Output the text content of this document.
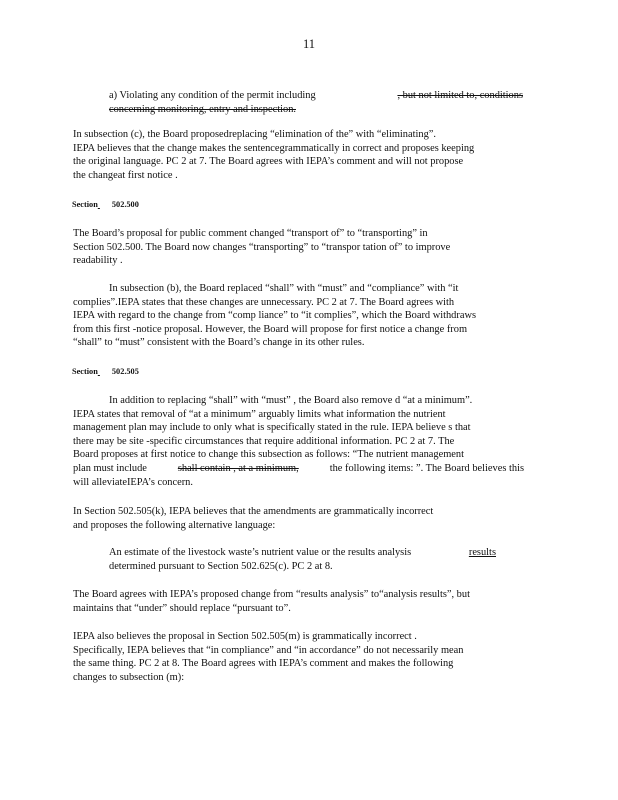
11
a) Violating any condition of the permit including	, but not limited to, conditions
concerning monitoring, entry and inspection.
In subsection (c), the Board proposedreplacing “elimination of the” with “eliminating”.
IEPA believes that the change makes the sentencegrammatically in correct and proposes keeping
the original language. PC 2 at 7. The Board agrees with IEPA’s comment and will not propose
the changeat first notice .
Section 502.500
The Board’s proposal for public comment changed “transport of” to “transporting” in
Section 502.500. The Board now changes “transporting” to “transpor tation of” to improve
readability .
In subsection (b), the Board replaced “shall” with “must” and “compliance” with “it
complies”.IEPA states that these changes are unnecessary. PC 2 at 7. The Board agrees with
IEPA with regard to the change from “comp liance” to “it complies”, which the Board withdraws
from this first -notice proposal. However, the Board will propose for first notice a change from
“shall” to “must” consistent with the Board’s change in its other rules.
Section 502.505
In addition to replacing “shall” with “must” , the Board also remove d “at a minimum”.
IEPA states that removal of “at a minimum” arguably limits what information the nutrient
management plan may include to only what is specifically stated in the rule. IEPA believe s that
there may be site -specific circumstances that require additional information. PC 2 at 7. The
Board proposes at first notice to change this subsection as follows: “The nutrient management
plan must include	shall contain , at a minimum,	the following items: ”. The Board believes this
will alleviateIEPA’s concern.
In Section 502.505(k), IEPA believes that the amendments are grammatically incorrect
and proposes the following alternative language:
An estimate of the livestock waste’s nutrient value or the results analysis	results
determined pursuant to Section 502.625(c). PC 2 at 8.
The Board agrees with IEPA’s proposed change from “results analysis” to“analysis results”, but
maintains that “under” should replace “pursuant to”.
IEPA also believes the proposal in Section 502.505(m) is grammatically incorrect .
Specifically, IEPA believes that “in compliance” and “in accordance” do not necessarily mean
the same thing. PC 2 at 8. The Board agrees with IEPA’s comment and makes the following
changes to subsection (m):
